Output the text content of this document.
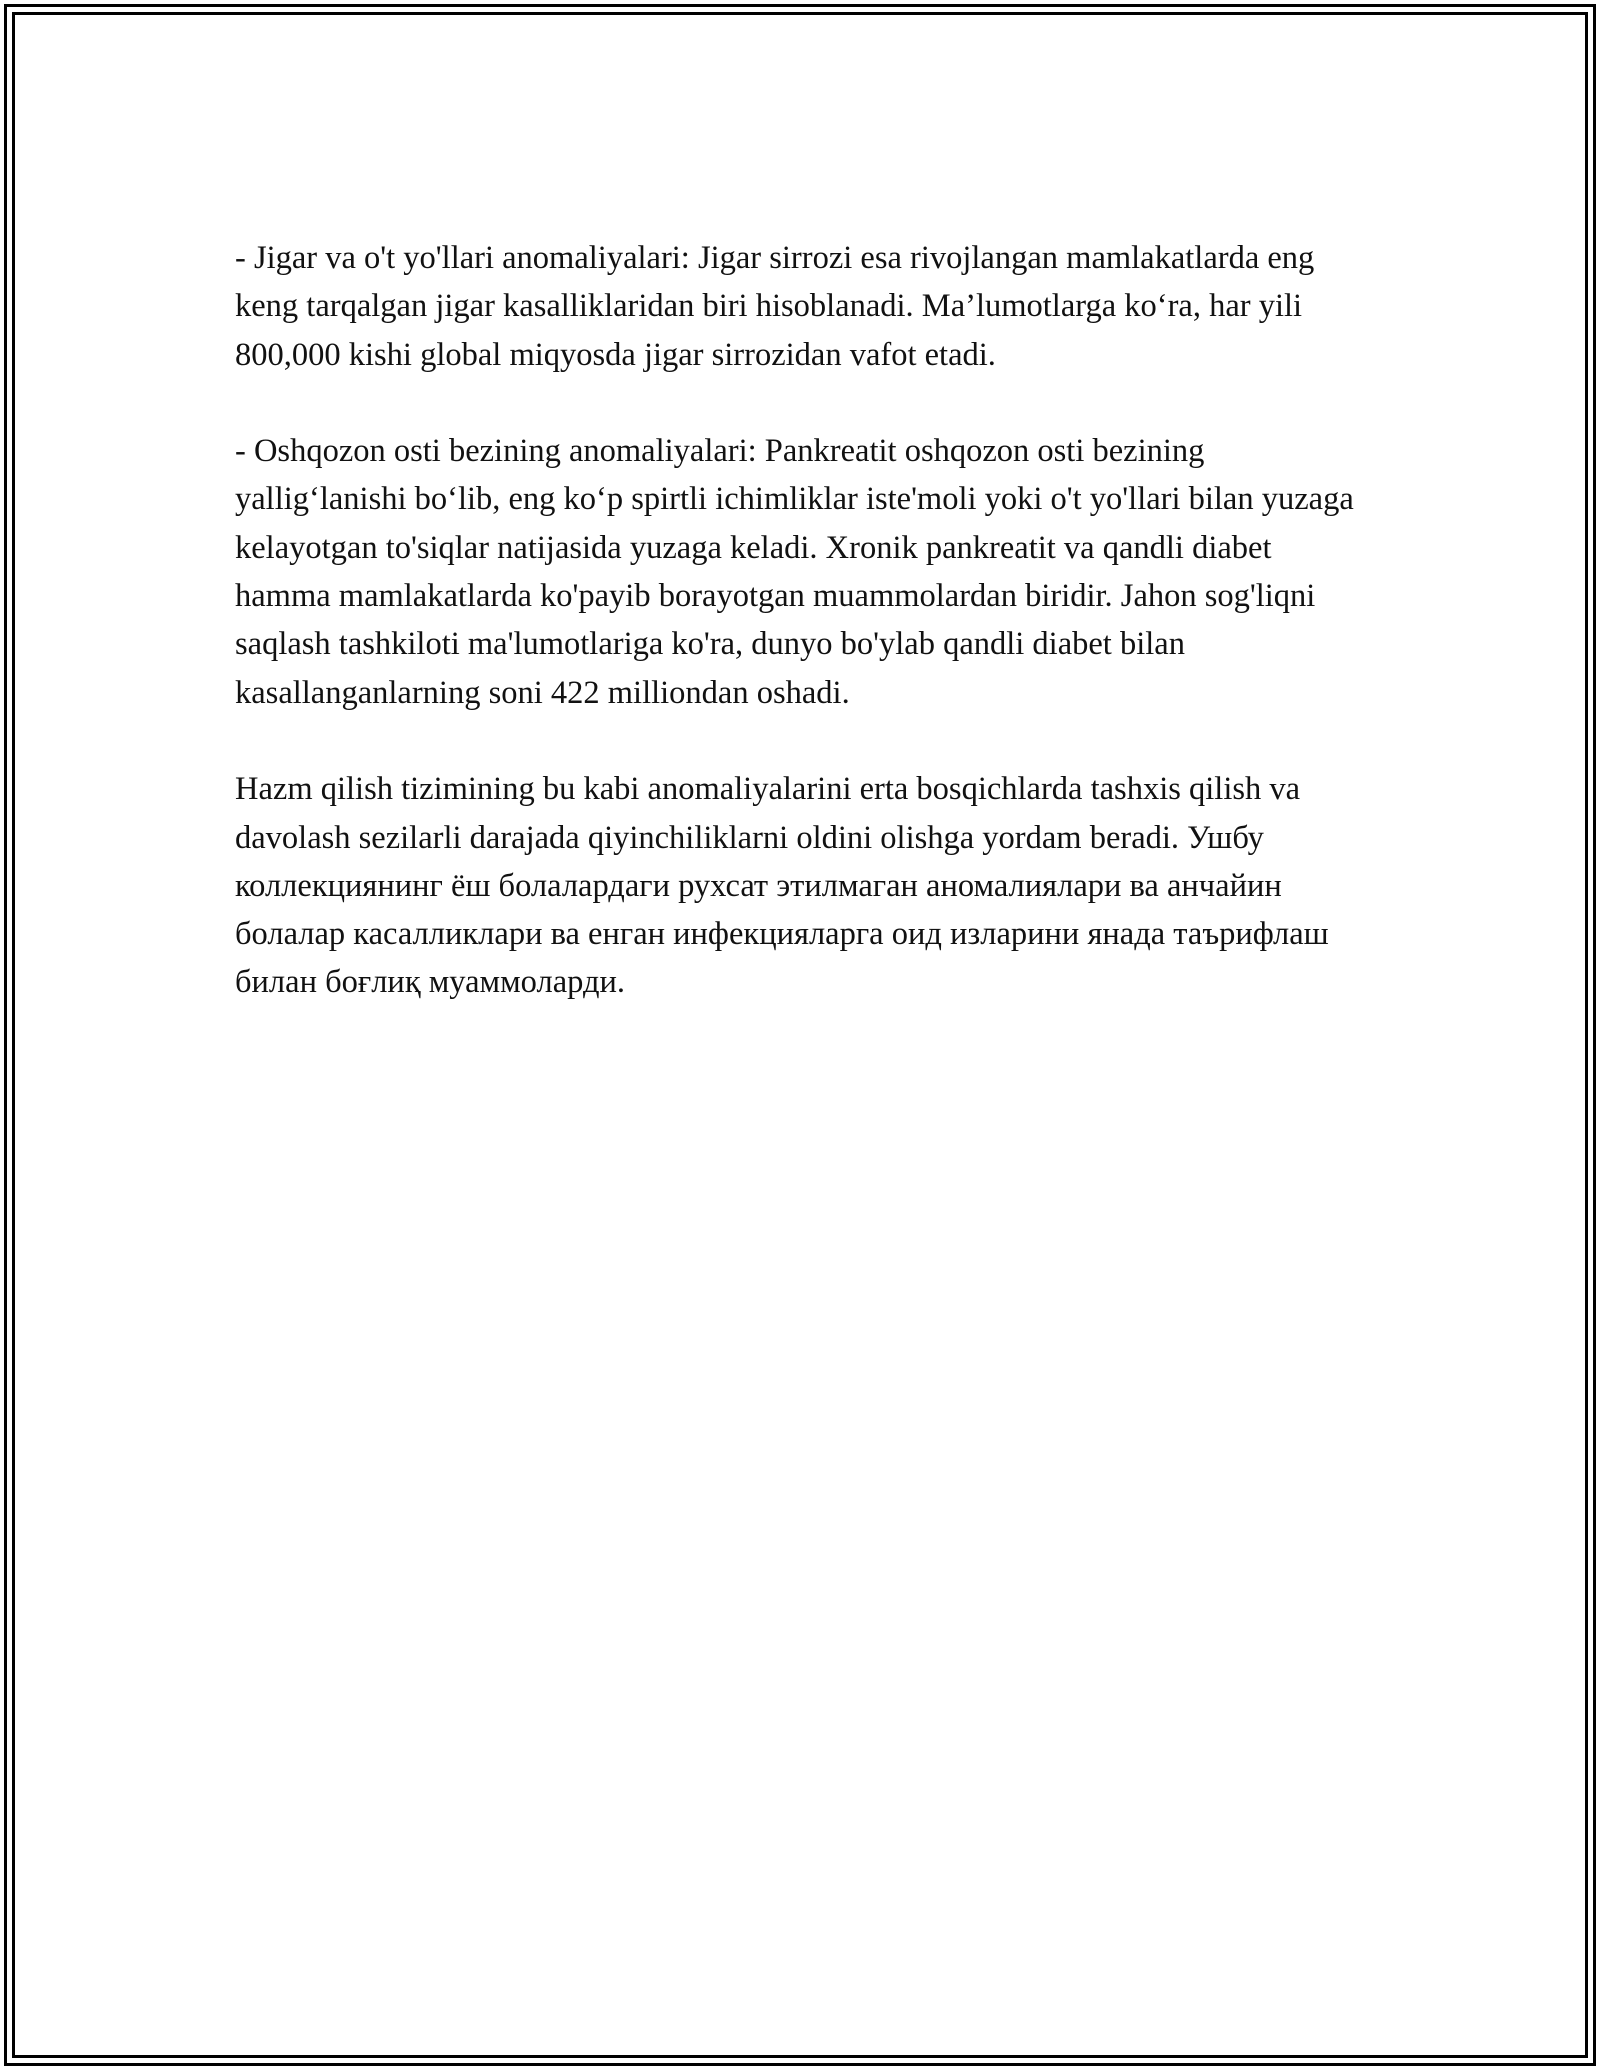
- Jigar va o't yo'llari anomaliyalari: Jigar sirrozi esa rivojlangan mamlakatlarda eng keng tarqalgan jigar kasalliklaridan biri hisoblanadi. Ma’lumotlarga ko‘ra, har yili 800,000 kishi global miqyosda jigar sirrozidan vafot etadi.

- Oshqozon osti bezining anomaliyalari: Pankreatit oshqozon osti bezining yallig‘lanishi bo‘lib, eng ko‘p spirtli ichimliklar iste'moli yoki o't yo'llari bilan yuzaga kelayotgan to'siqlar natijasida yuzaga keladi. Xronik pankreatit va qandli diabet hamma mamlakatlarda ko'payib borayotgan muammolardan biridir. Jahon sog'liqni saqlash tashkiloti ma'lumotlariga ko'ra, dunyo bo'ylab qandli diabet bilan kasallanganlarning soni 422 milliondan oshadi.

Hazm qilish tizimining bu kabi anomaliyalarini erta bosqichlarda tashxis qilish va davolash sezilarli darajada qiyinchiliklarni oldini olishga yordam beradi. Ушбу коллекциянинг ёш болалардаги рухсат этилмаган аномалиялари ва анчайин болалар касалликлари ва енган инфекцияларга оид изларини янада таърифлаш билан боғлиқ муаммоларди.
